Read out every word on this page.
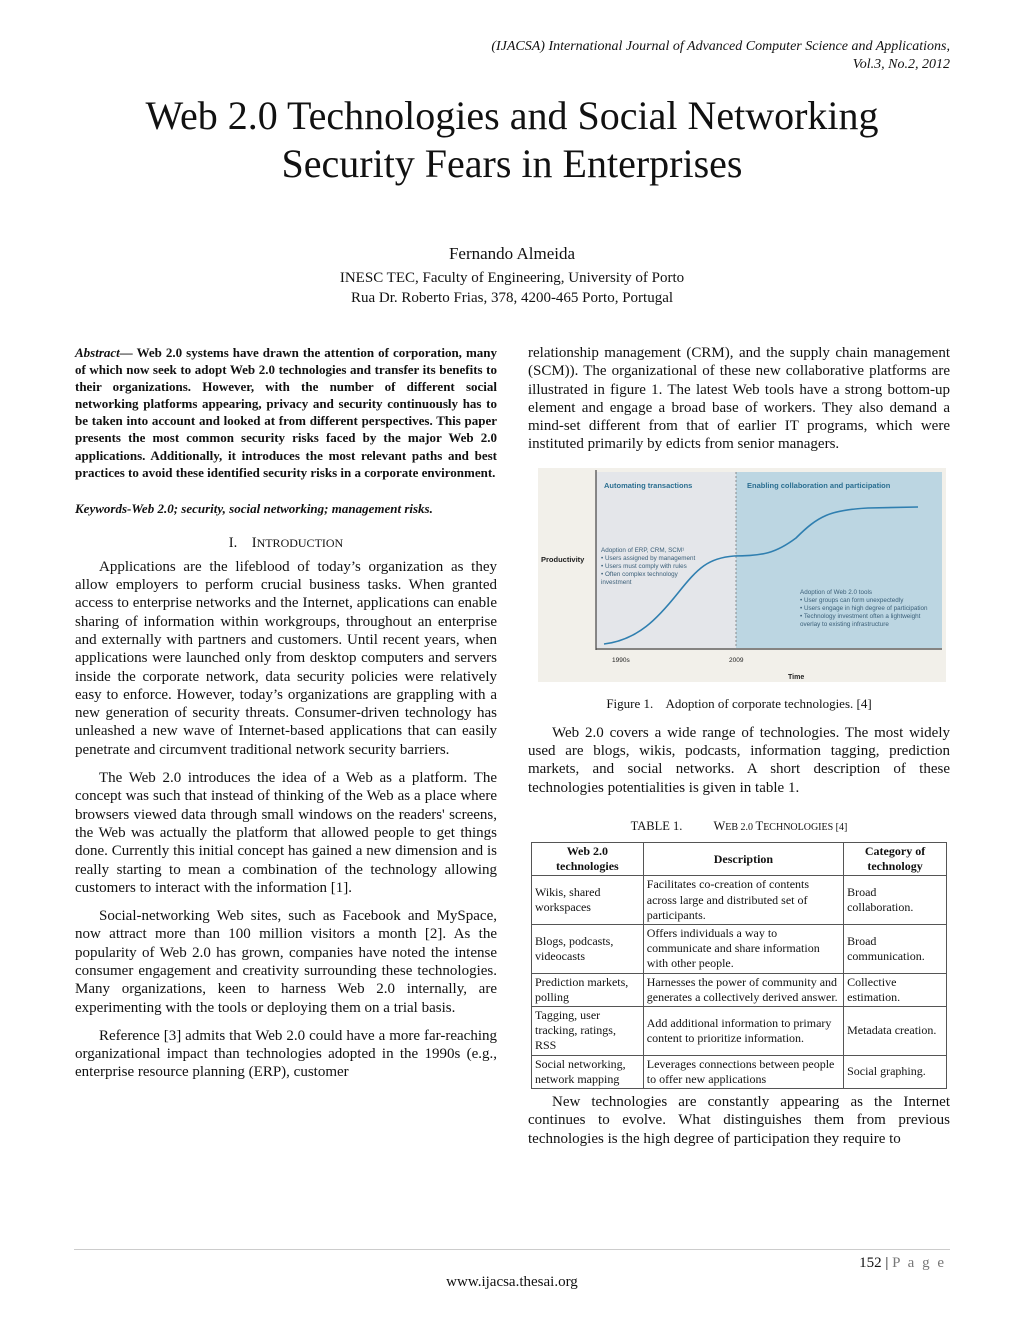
(IJACSA) International Journal of Advanced Computer Science and Applications,
Vol.3, No.2, 2012
Web 2.0 Technologies and Social Networking
Security Fears in Enterprises
Fernando Almeida
INESC TEC, Faculty of Engineering, University of Porto
Rua Dr. Roberto Frias, 378, 4200-465 Porto, Portugal

Abstract— Web 2.0 systems have drawn the attention of corporation, many of which now seek to adopt Web 2.0 technologies and transfer its benefits to their organizations. However, with the number of different social networking platforms appearing, privacy and security continuously has to be taken into account and looked at from different perspectives. This paper presents the most common security risks faced by the major Web 2.0 applications. Additionally, it introduces the most relevant paths and best practices to avoid these identified security risks in a corporate environment.

Keywords-Web 2.0; security, social networking; management risks.

I. INTRODUCTION

Applications are the lifeblood of today’s organization as they allow employers to perform crucial business tasks. When granted access to enterprise networks and the Internet, applications can enable sharing of information within workgroups, throughout an enterprise and externally with partners and customers. Until recent years, when applications were launched only from desktop computers and servers inside the corporate network, data security policies were relatively easy to enforce. However, today’s organizations are grappling with a new generation of security threats. Consumer-driven technology has unleashed a new wave of Internet-based applications that can easily penetrate and circumvent traditional network security barriers.

The Web 2.0 introduces the idea of a Web as a platform. The concept was such that instead of thinking of the Web as a place where browsers viewed data through small windows on the readers' screens, the Web was actually the platform that allowed people to get things done. Currently this initial concept has gained a new dimension and is really starting to mean a combination of the technology allowing customers to interact with the information [1].

Social-networking Web sites, such as Facebook and MySpace, now attract more than 100 million visitors a month [2]. As the popularity of Web 2.0 has grown, companies have noted the intense consumer engagement and creativity surrounding these technologies. Many organizations, keen to harness Web 2.0 internally, are experimenting with the tools or deploying them on a trial basis.

Reference [3] admits that Web 2.0 could have a more far-reaching organizational impact than technologies adopted in the 1990s (e.g., enterprise resource planning (ERP), customer

relationship management (CRM), and the supply chain management (SCM)). The organizational of these new collaborative platforms are illustrated in figure 1. The latest Web tools have a strong bottom-up element and engage a broad base of workers. They also demand a mind-set different from that of earlier IT programs, which were instituted primarily by edicts from senior managers.

Automating transactions	Enabling collaboration and participation
Productivity
Time
1990s	2009
Adoption of ERP, CRM, SCM¹
• Users assigned by management
• Users must comply with rules
• Often complex technology
investment
Adoption of Web 2.0 tools
• User groups can form unexpectedly
• Users engage in high degree of participation
• Technology investment often a lightweight
overlay to existing infrastructure
Figure 1.    Adoption of corporate technologies. [4]

Web 2.0 covers a wide range of technologies. The most widely used are blogs, wikis, podcasts, information tagging, prediction markets, and social networks. A short description of these technologies potentialities is given in table 1.

TABLE 1. WEB 2.0 TECHNOLOGIES [4]
Web 2.0 technologies	Description	Category of technology
Wikis, shared workspaces	Facilitates co-creation of contents across large and distributed set of participants.	Broad collaboration.
Blogs, podcasts, videocasts	Offers individuals a way to communicate and share information with other people.	Broad communication.
Prediction markets, polling	Harnesses the power of community and generates a collectively derived answer.	Collective estimation.
Tagging, user tracking, ratings, RSS	Add additional information to primary content to prioritize information.	Metadata creation.
Social networking, network mapping	Leverages connections between people to offer new applications	Social graphing.

New technologies are constantly appearing as the Internet continues to evolve. What distinguishes them from previous technologies is the high degree of participation they require to

152 | P a g e
www.ijacsa.thesai.org
